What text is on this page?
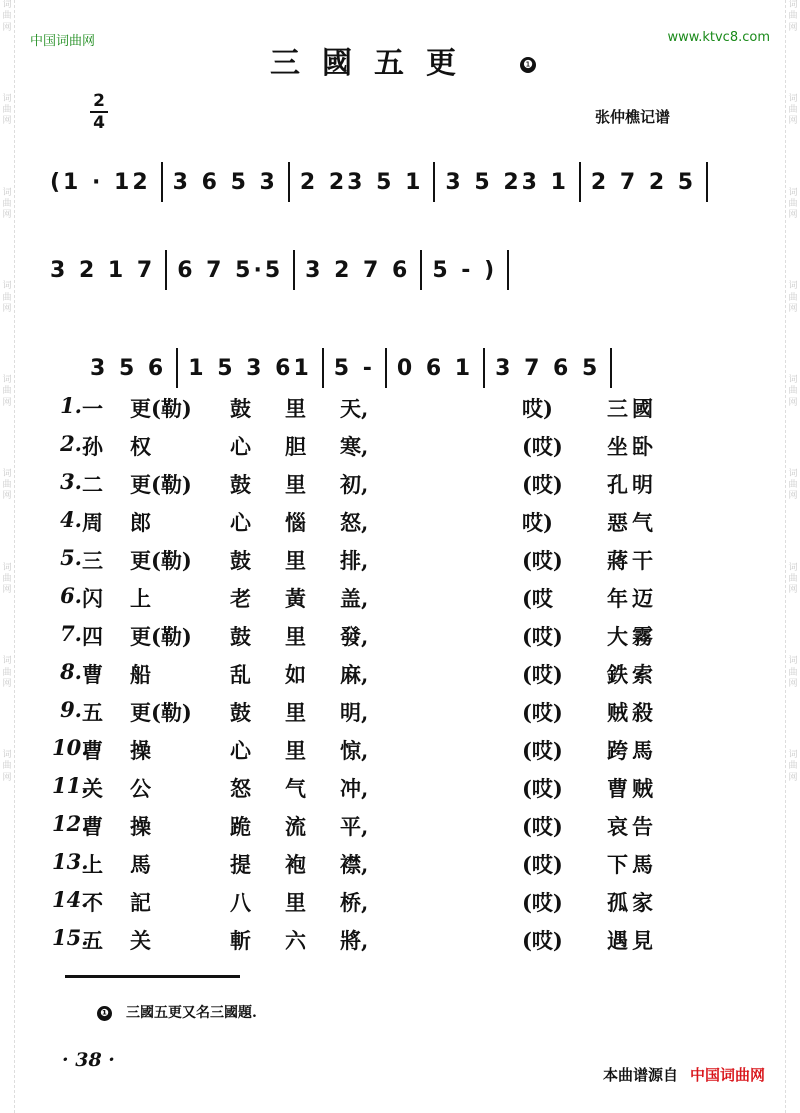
词
曲
网
词
曲
网
词
曲
网
词
曲
网
词
曲
网
词
曲
网
词
曲
网
词
曲
网
词
曲
网
词
曲
网
词
曲
网
词
曲
网
词
曲
网
词
曲
网
词
曲
网
词
曲
网
词
曲
网
词
曲
网
中国词曲网	www.ktvc8.com
三國五更	❶
2
4	张仲樵记谱
(1 · 12	3 6 5 3	2 23 5 1	3 5 23 1	2 7 2 5
3 2 1 7	6 7 5·5	3 2 7 6	5 - )
3 5 6	1 5 3 61	5 -	0 6 1	3 7 6 5
1. 一 更(勒) 鼓 里 天,	哎)	三國
2. 孙 权	心 胆 寒,	(哎) 坐卧
3. 二 更(勒) 鼓 里 初,	(哎) 孔明
4. 周 郎	心 惱 怒,	哎)	惡气
5. 三 更(勒) 鼓 里 排,	(哎) 蔣干
6. 闪 上	老 黃 盖,	(哎	年迈
7. 四 更(勒) 鼓 里 發,	(哎) 大霧
8. 曹 船	乱 如 麻,	(哎) 鉄索
9. 五 更(勒) 鼓 里 明,	(哎) 贼殺
10.
曹 操	心 里 惊,	(哎) 跨馬
11.
关 公	怒 气 冲,	(哎) 曹贼
12.
曹 操	跪 流 平,	(哎) 哀告
13.
上 馬	提 袍 襟,	(哎) 下馬
14.
不 記	八 里 桥,	(哎) 孤家
15.
五 关	斬 六 將,	(哎) 遇見
❶ 三國五更又名三國題.
· 38 ·
本曲谱源自 中国词曲网
